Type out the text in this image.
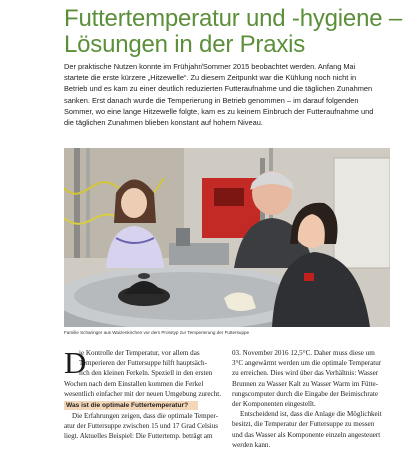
Futtertemperatur und -hygiene –
Lösungen in der Praxis
Der praktische Nutzen konnte im Frühjahr/Sommer 2015 beobachtet werden. Anfang Mai
startete die erste kürzere „Hitzewelle“. Zu diesem Zeitpunkt war die Kühlung noch nicht in
Betrieb und es kam zu einer deutlich reduzierten Futteraufnahme und die täglichen Zunahmen
sanken. Erst danach wurde die Temperierung in Betrieb genommen – im darauf folgenden
Sommer, wo eine lange Hitzewelle folgte, kam es zu keinem Einbruch der Futteraufnahme und
die täglichen Zunahmen blieben konstant auf hohem Niveau.
Familie Scharinger aus Waizenkirchen vor dem Prototyp zur Temperierung der Futtersuppe
D
ie Kontrolle der Temperatur, vor allem das
Temperieren der Futtersuppe hilft hauptsäch-
lich den kleinen Ferkeln. Speziell in den ersten
Wochen nach dem Einstallen kommen die Ferkel
wesentlich einfacher mit der neuen Umgebung zurecht.
Was ist die optimale Futtertemperatur?
Die Erfahrungen zeigen, dass die optimale Temper-
atur der Futtersuppe zwischen 15 und 17 Grad Celsius
liegt. Aktuelles Beispiel: Die Futtertemp. beträgt am
03. November 2016 12,5°C. Daher muss diese um
3°C angewärmt werden um die optimale Temperatur
zu erreichen. Dies wird über das Verhältnis: Wasser
Brunnen zu Wasser Kalt zu Wasser Warm im Fütte-
rungscomputer durch die Eingabe der Beimischrate
der Komponenten eingestellt.
Entscheidend ist, dass die Anlage die Möglichkeit
besitzt, die Temperatur der Futtersuppe zu messen
und das Wasser als Komponente einzeln angesteuert
werden kann.
